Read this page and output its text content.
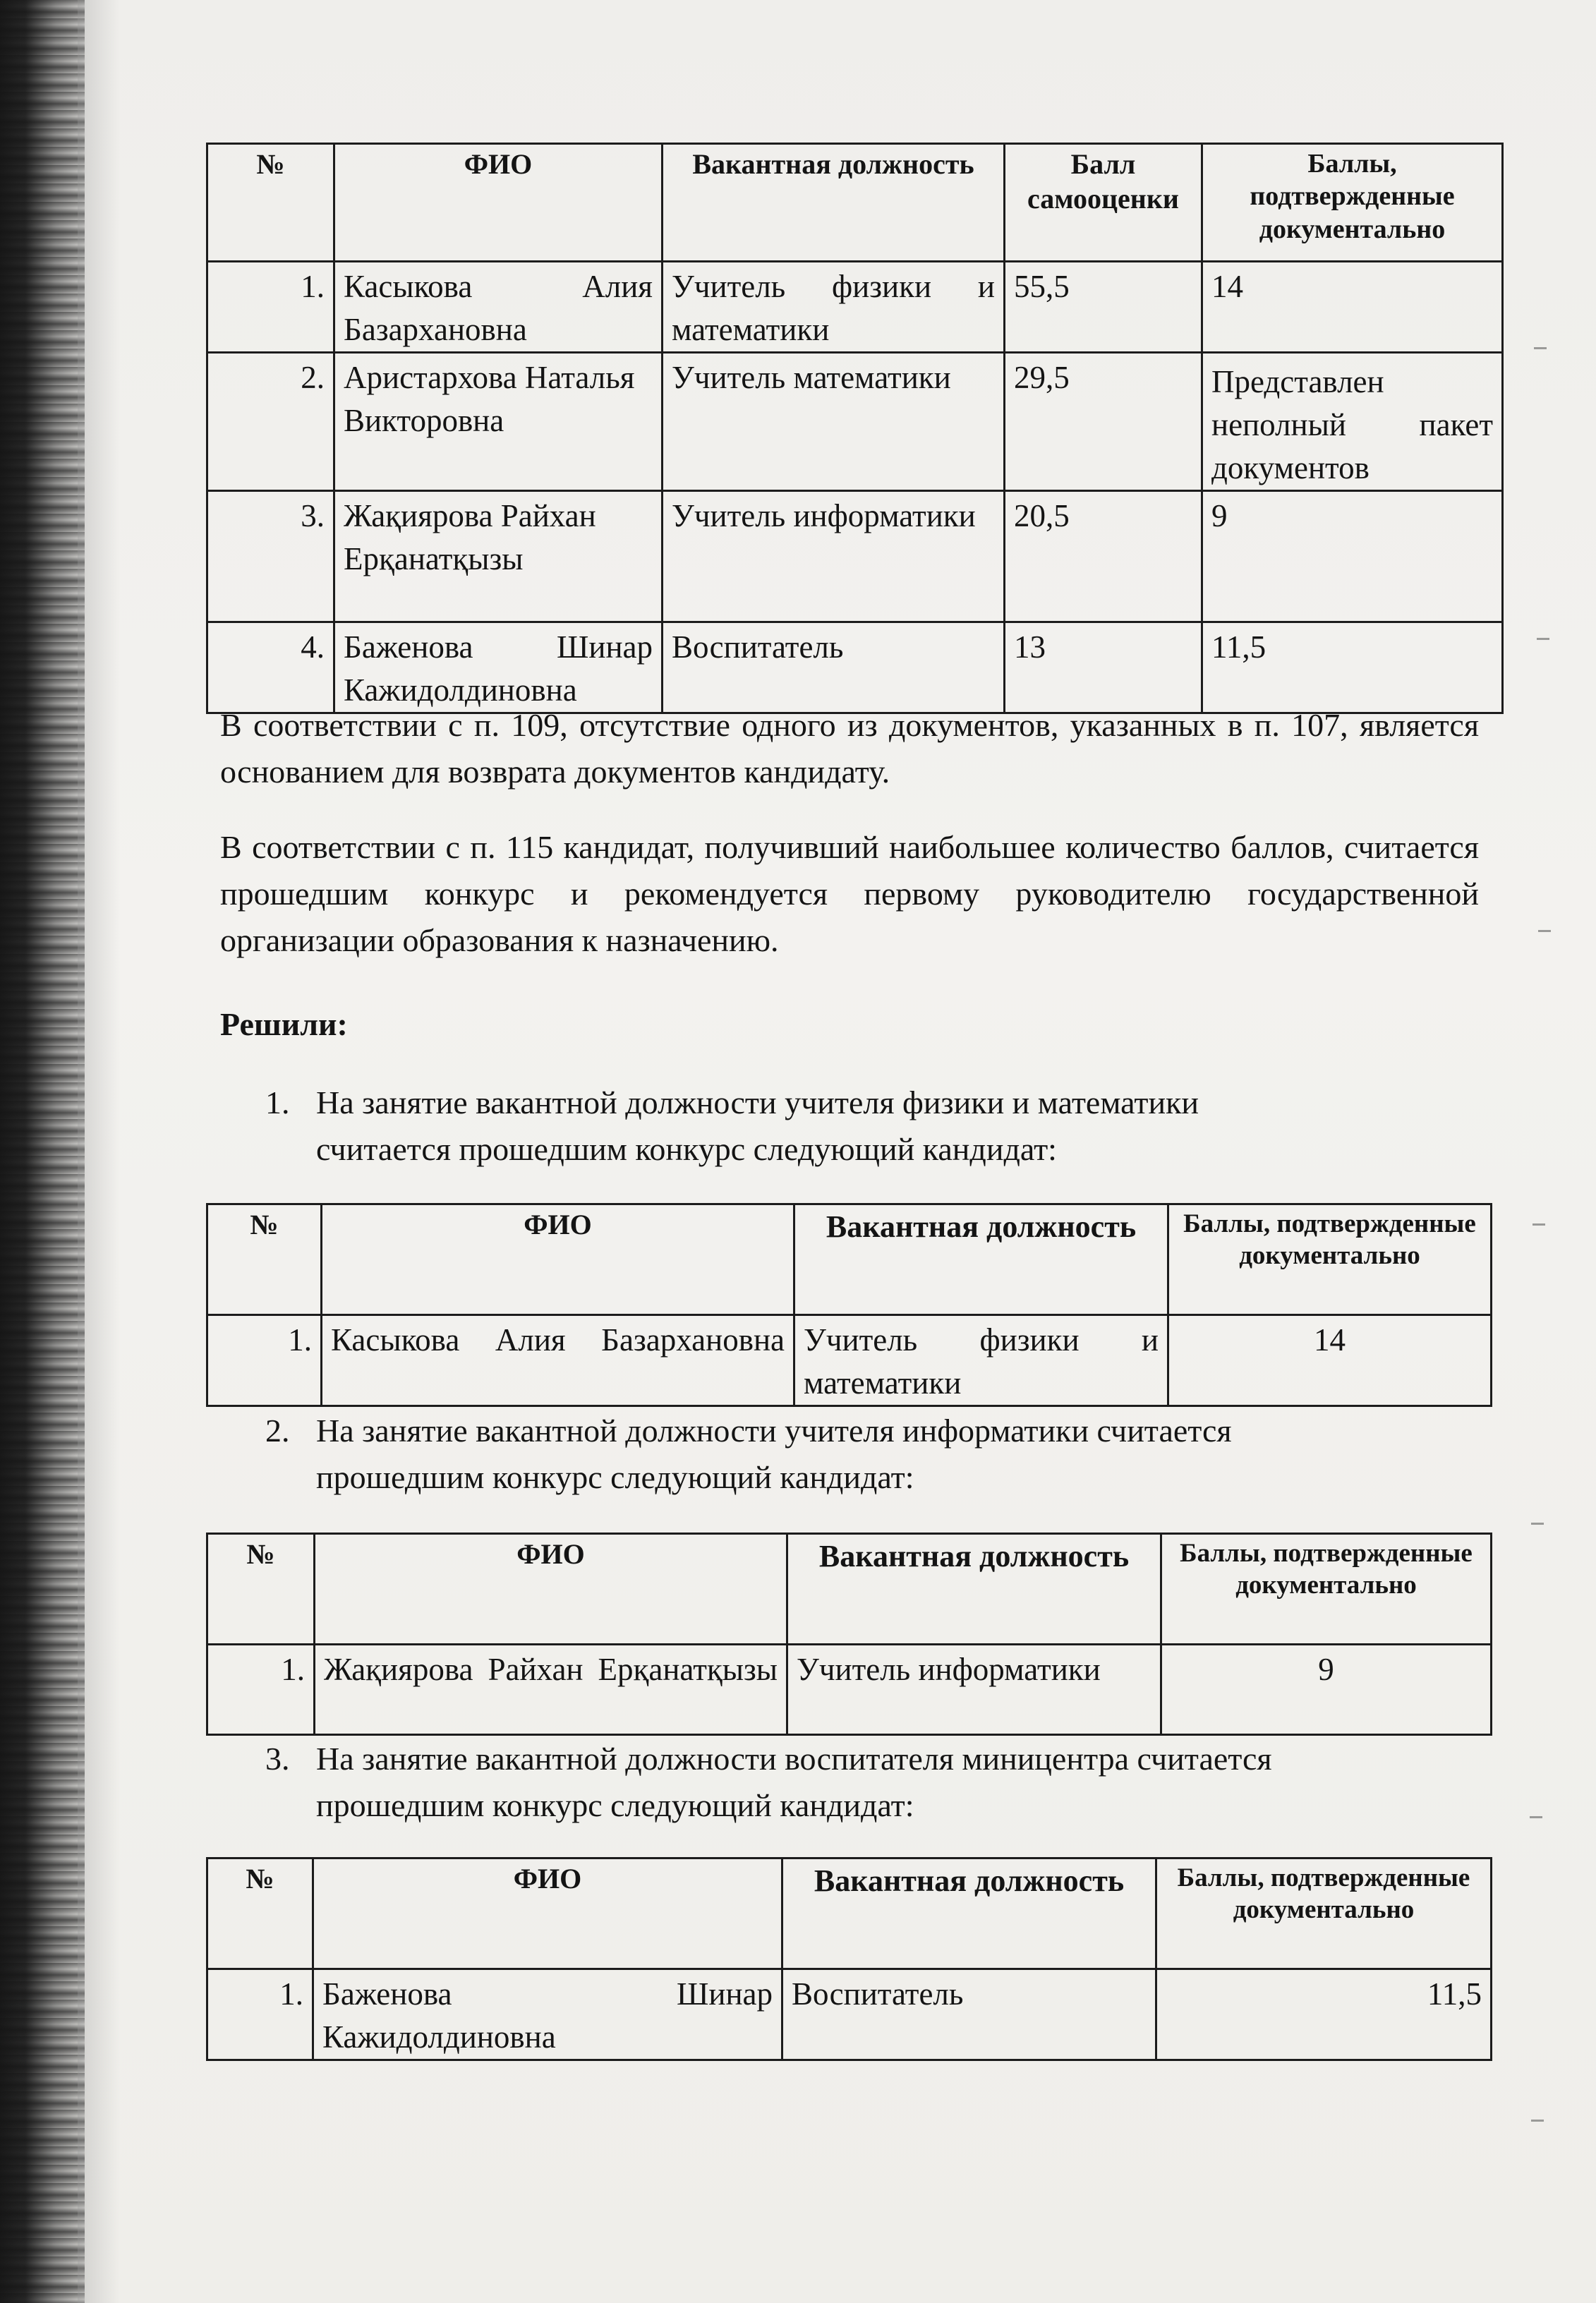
№	ФИО	Вакантная должность	Балл самооценки	Баллы, подтвержденные документально
1.	Касыкова Алия Базархановна	Учитель физики и математики	55,5	14
2.	Аристархова Наталья Викторовна	Учитель математики	29,5	Представлен неполный пакет документов
3.	Жақиярова Райхан Ерқанатқызы	Учитель информатики	20,5	9
4.	Баженова Шинар Кажидолдиновна	Воспитатель	13	11,5
В соответствии с п. 109, отсутствие одного из документов, указанных в п. 107, является основанием для возврата документов кандидату.
В соответствии с п. 115 кандидат, получивший наибольшее количество баллов, считается прошедшим конкурс и рекомендуется первому руководителю государственной организации образования к назначению.
Решили:
1. На занятие вакантной должности учителя физики и математики
считается прошедшим конкурс следующий кандидат:
№	ФИО	Вакантная должность	Баллы, подтвержденные документально
1.	Касыкова Алия Базархановна	Учитель физики и математики	14
2. На занятие вакантной должности учителя информатики считается
прошедшим конкурс следующий кандидат:
№	ФИО	Вакантная должность	Баллы, подтвержденные документально
1.	Жақиярова Райхан Ерқанатқызы	Учитель информатики	9
3. На занятие вакантной должности воспитателя миницентра считается
прошедшим конкурс следующий кандидат:
№	ФИО	Вакантная должность	Баллы, подтвержденные документально
1.	Баженова Шинар Кажидолдиновна	Воспитатель	11,5
